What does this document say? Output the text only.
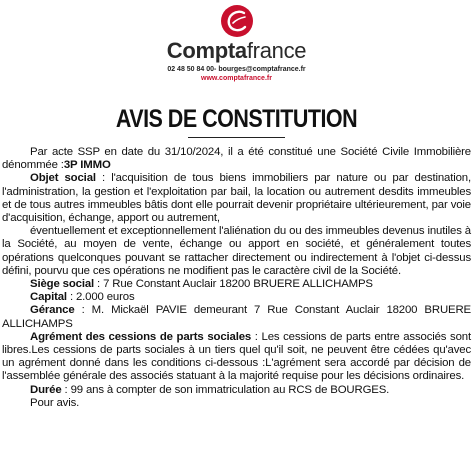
Comptafrance
02 48 50 84 00- bourges@comptafrance.fr
www.comptafrance.fr
AVIS DE CONSTITUTION

Par acte SSP en date du 31/10/2024, il a été constitué une Société Civile Immobilière dénommée :3P IMMO

Objet social : l'acquisition de tous biens immobiliers par nature ou par destination, l'administration, la gestion et l'exploitation par bail, la location ou autrement desdits immeubles et de tous autres immeubles bâtis dont elle pourrait devenir propriétaire ultérieurement, par voie d'acquisition, échange, apport ou autrement,

éventuellement et exceptionnellement l'aliénation du ou des immeubles devenus inutiles à la Société, au moyen de vente, échange ou apport en société, et généralement toutes opérations quelconques pouvant se rattacher directement ou indirectement à l'objet ci-dessus défini, pourvu que ces opérations ne modifient pas le caractère civil de la Société.

Siège social : 7 Rue Constant Auclair 18200 BRUERE ALLICHAMPS

Capital : 2.000 euros

Gérance : M. Mickaël PAVIE demeurant 7 Rue Constant Auclair 18200 BRUERE ALLICHAMPS

Agrément des cessions de parts sociales : Les cessions de parts entre associés sont libres.Les cessions de parts sociales à un tiers quel qu'il soit, ne peuvent être cédées qu'avec un agrément donné dans les conditions ci-dessous :L'agrément sera accordé par décision de l'assemblée générale des associés statuant à la majorité requise pour les décisions ordinaires.

Durée : 99 ans à compter de son immatriculation au RCS de BOURGES.

Pour avis.
